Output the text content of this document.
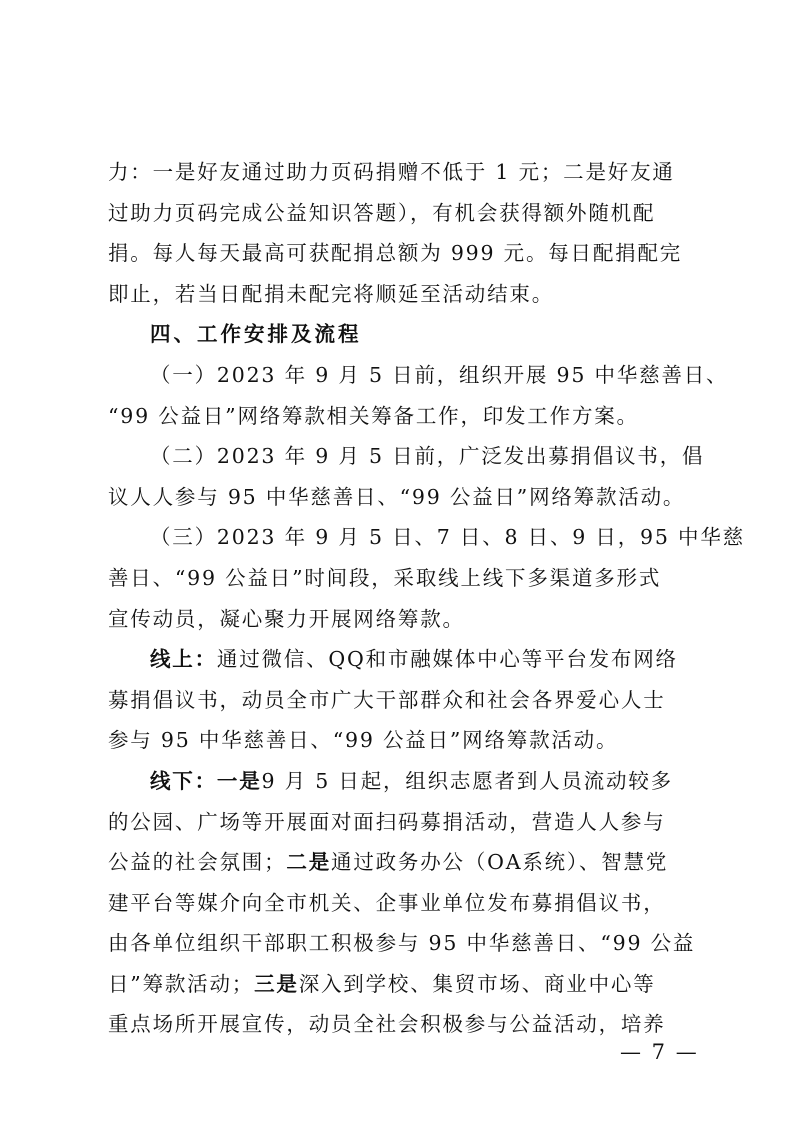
力：一是好友通过助力页码捐赠不低于 1 元；二是好友通
过助力页码完成公益知识答题），有机会获得额外随机配
捐。每人每天最高可获配捐总额为 999 元。每日配捐配完
即止，若当日配捐未配完将顺延至活动结束。
四、工作安排及流程
（一）2023 年 9 月 5 日前，组织开展 95 中华慈善日、
“99 公益日”网络筹款相关筹备工作，印发工作方案。
（二）2023 年 9 月 5 日前，广泛发出募捐倡议书，倡
议人人参与 95 中华慈善日、“99 公益日”网络筹款活动。
（三）2023 年 9 月 5 日、7 日、8 日、9 日，95 中华慈
善日、“99 公益日”时间段，采取线上线下多渠道多形式
宣传动员，凝心聚力开展网络筹款。
线上：通过微信、QQ和市融媒体中心等平台发布网络
募捐倡议书，动员全市广大干部群众和社会各界爱心人士
参与 95 中华慈善日、“99 公益日”网络筹款活动。
线下：一是9 月 5 日起，组织志愿者到人员流动较多
的公园、广场等开展面对面扫码募捐活动，营造人人参与
公益的社会氛围；二是通过政务办公（OA系统）、智慧党
建平台等媒介向全市机关、企事业单位发布募捐倡议书，
由各单位组织干部职工积极参与 95 中华慈善日、“99 公益
日”筹款活动；三是深入到学校、集贸市场、商业中心等
重点场所开展宣传，动员全社会积极参与公益活动，培养
— 7 —
